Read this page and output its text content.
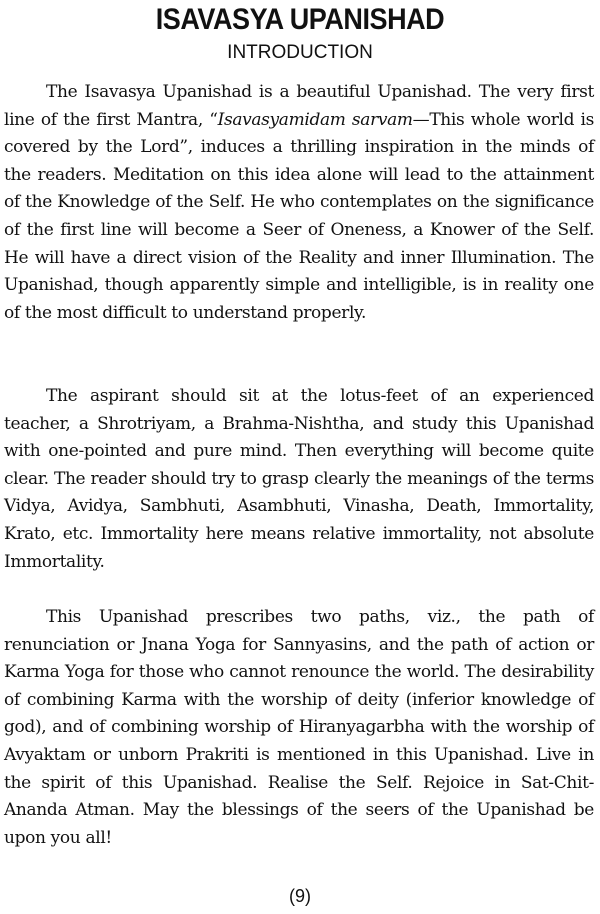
ISAVASYA UPANISHAD
INTRODUCTION

The Isavasya Upanishad is a beautiful Upanishad. The very first line of the first Mantra, “Isavasyamidam sarvam—This whole world is covered by the Lord”, induces a thrilling inspiration in the minds of the readers. Meditation on this idea alone will lead to the attainment of the Knowledge of the Self. He who contemplates on the significance of the first line will become a Seer of Oneness, a Knower of the Self. He will have a direct vision of the Reality and inner Illumination. The Upanishad, though apparently simple and intelligible, is in reality one of the most difficult to understand properly.

The aspirant should sit at the lotus-feet of an experienced teacher, a Shrotriyam, a Brahma-Nishtha, and study this Upanishad with one-pointed and pure mind. Then everything will become quite clear. The reader should try to grasp clearly the meanings of the terms Vidya, Avidya, Sambhuti, Asambhuti, Vinasha, Death, Immortality, Krato, etc. Immortality here means relative immortality, not absolute Immortality.

This Upanishad prescribes two paths, viz., the path of renunciation or Jnana Yoga for Sannyasins, and the path of action or Karma Yoga for those who cannot renounce the world. The desirability of combining Karma with the worship of deity (inferior knowledge of god), and of combining worship of Hiranyagarbha with the worship of Avyaktam or unborn Prakriti is mentioned in this Upanishad. Live in the spirit of this Upanishad. Realise the Self. Rejoice in Sat-Chit-Ananda Atman. May the blessings of the seers of the Upanishad be upon you all!

(9)
